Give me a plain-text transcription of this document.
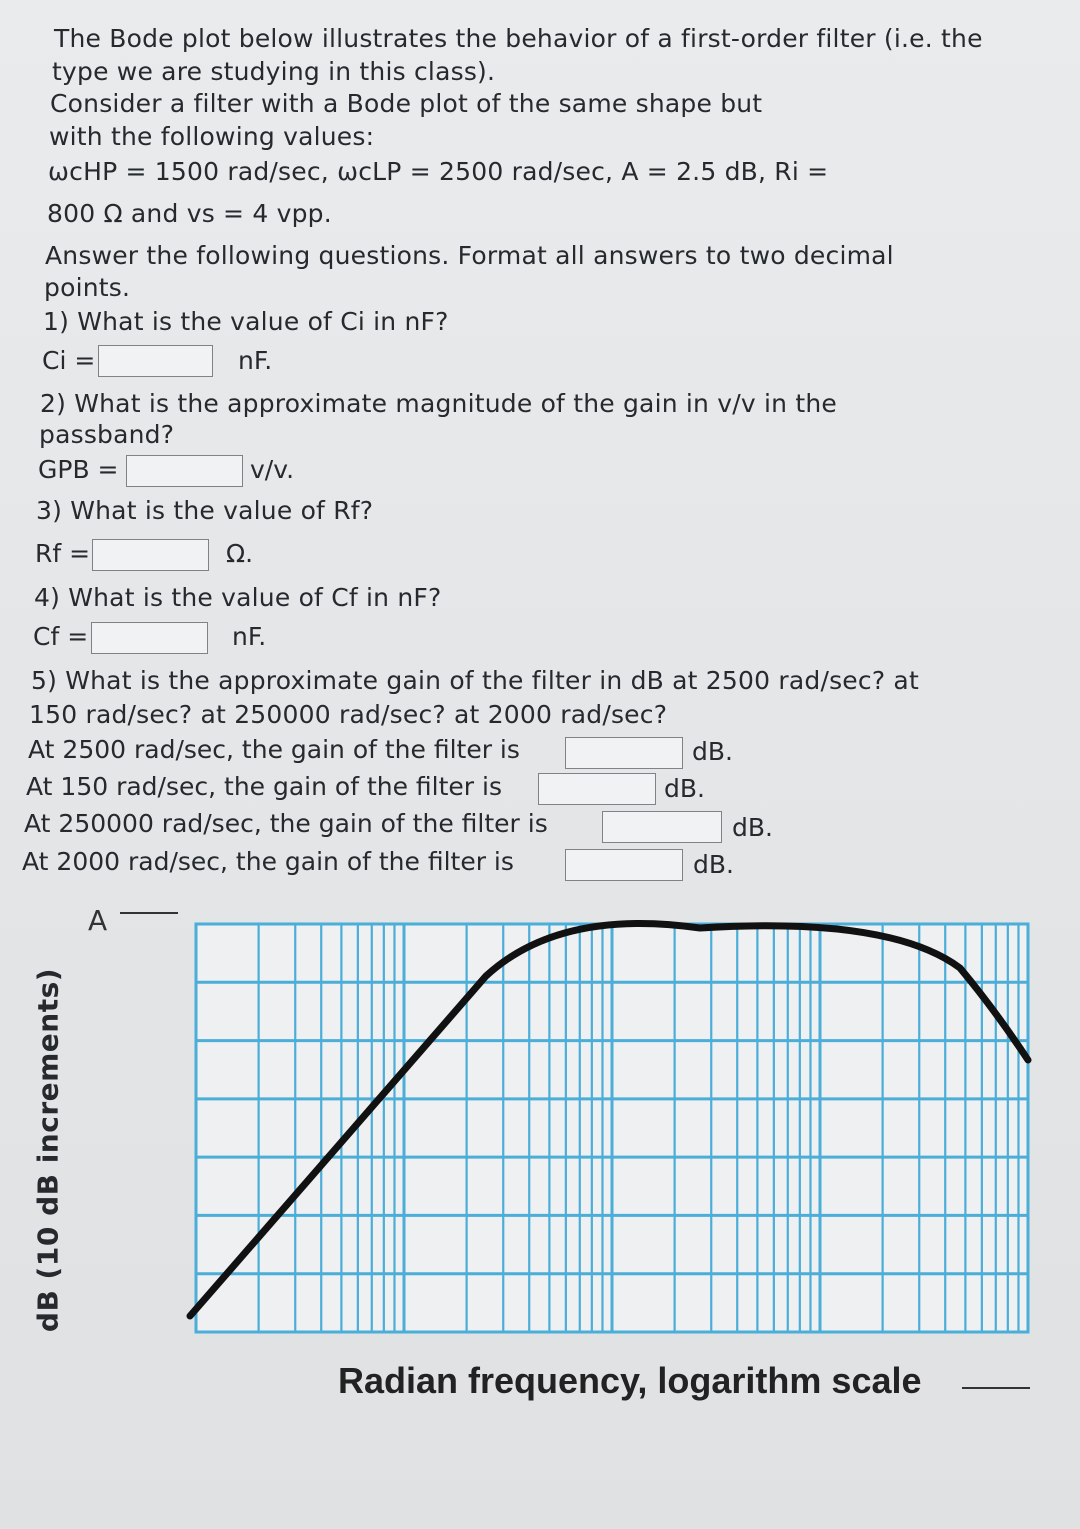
The Bode plot below illustrates the behavior of a first-order filter (i.e. the
type we are studying in this class).
Consider a filter with a Bode plot of the same shape but
with the following values:
ωcHP = 1500 rad/sec, ωcLP = 2500 rad/sec, A = 2.5 dB, Ri =
800 Ω and vs = 4 vpp.
Answer the following questions. Format all answers to two decimal
points.
1) What is the value of Ci in nF?
Ci =	nF.
2) What is the approximate magnitude of the gain in v/v in the
passband?
GPB =	v/v.
3) What is the value of Rf?
Rf =	Ω.
4) What is the value of Cf in nF?
Cf =	nF.
5) What is the approximate gain of the filter in dB at 2500 rad/sec? at
150 rad/sec? at 250000 rad/sec? at 2000 rad/sec?
At 2500 rad/sec, the gain of the filter is	dB.
At 150 rad/sec, the gain of the filter is	dB.
At 250000 rad/sec, the gain of the filter is	dB.
At 2000 rad/sec, the gain of the filter is	dB.
A
dB (10 dB increments)
Radian frequency, logarithm scale
